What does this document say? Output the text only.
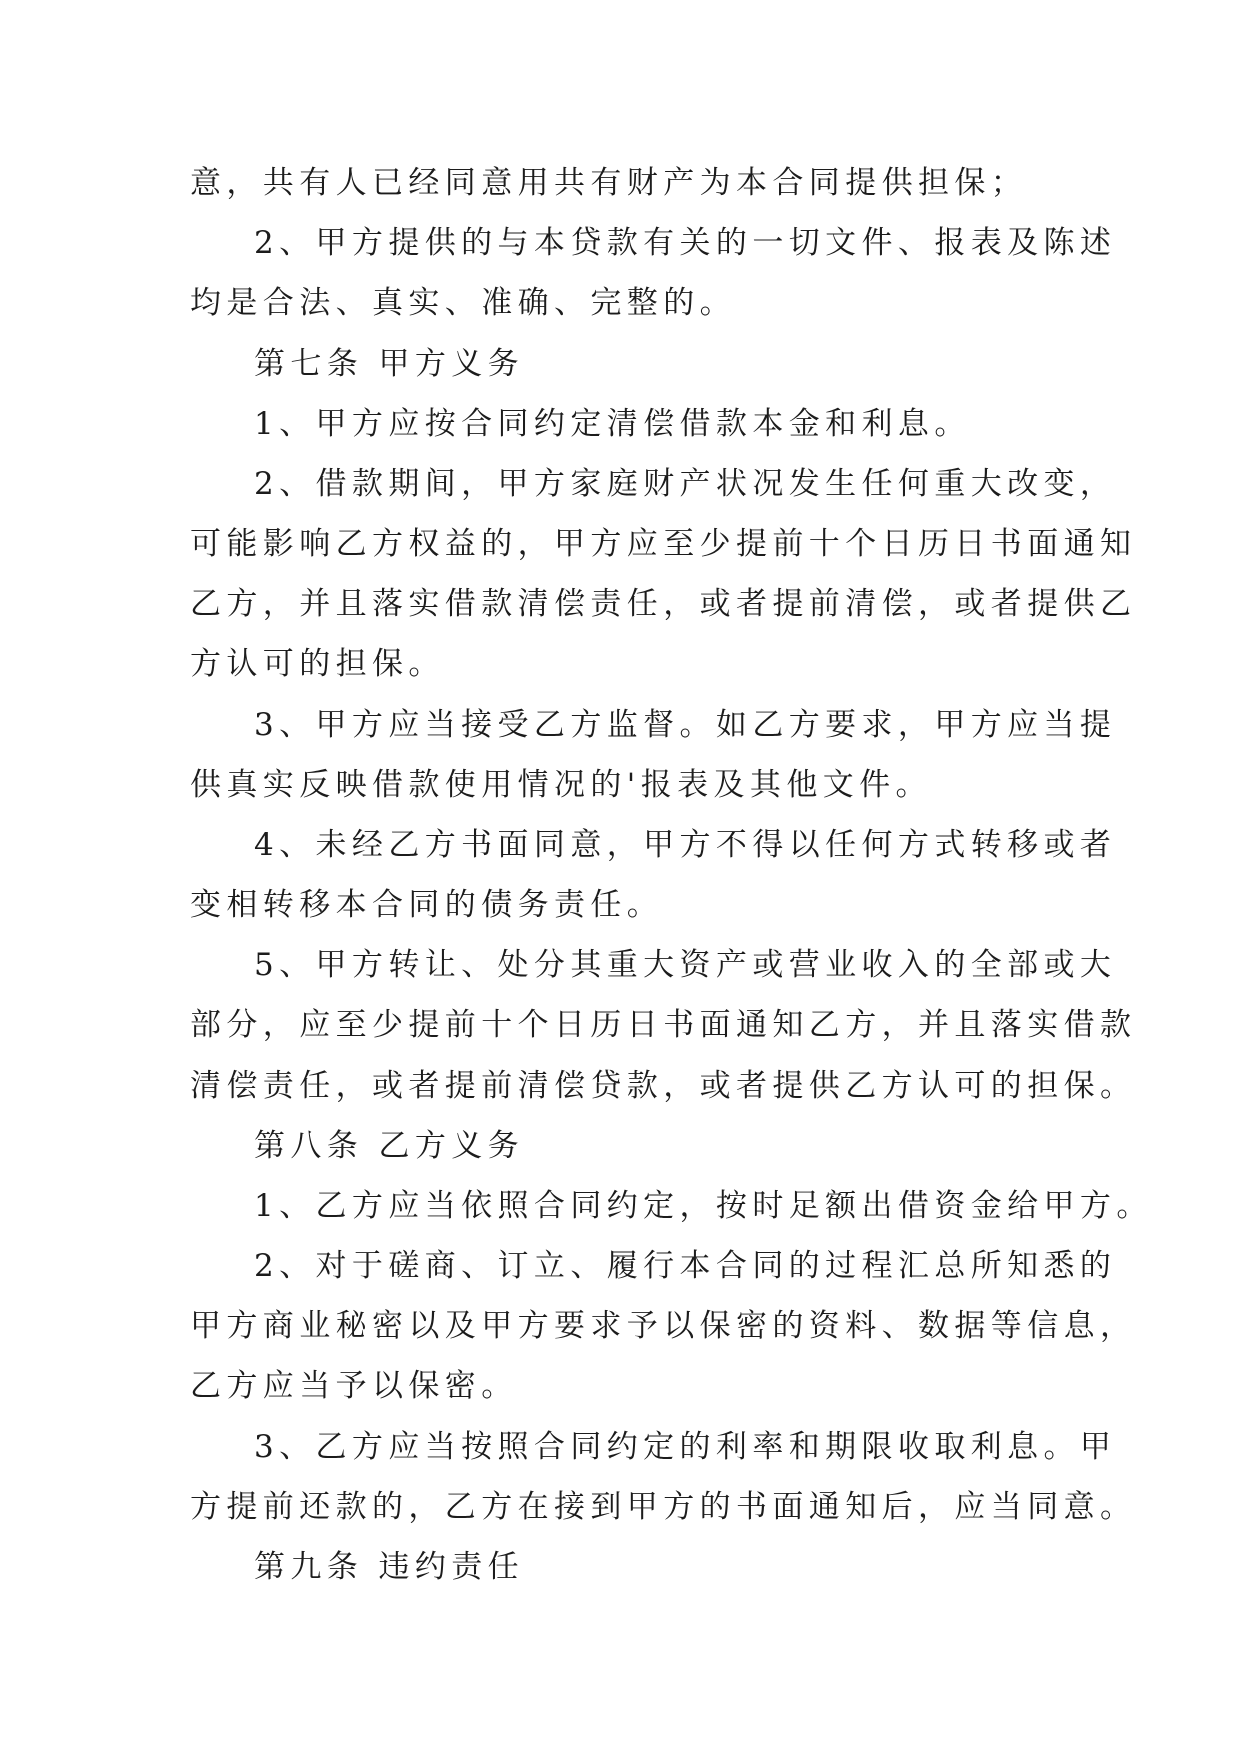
意，共有人已经同意用共有财产为本合同提供担保；
2、甲方提供的与本贷款有关的一切文件、报表及陈述
均是合法、真实、准确、完整的。
第七条 甲方义务
1、甲方应按合同约定清偿借款本金和利息。
2、借款期间，甲方家庭财产状况发生任何重大改变，
可能影响乙方权益的，甲方应至少提前十个日历日书面通知
乙方，并且落实借款清偿责任，或者提前清偿，或者提供乙
方认可的担保。
3、甲方应当接受乙方监督。如乙方要求，甲方应当提
供真实反映借款使用情况的'报表及其他文件。
4、未经乙方书面同意，甲方不得以任何方式转移或者
变相转移本合同的债务责任。
5、甲方转让、处分其重大资产或营业收入的全部或大
部分，应至少提前十个日历日书面通知乙方，并且落实借款
清偿责任，或者提前清偿贷款，或者提供乙方认可的担保。
第八条 乙方义务
1、乙方应当依照合同约定，按时足额出借资金给甲方。
2、对于磋商、订立、履行本合同的过程汇总所知悉的
甲方商业秘密以及甲方要求予以保密的资料、数据等信息，
乙方应当予以保密。
3、乙方应当按照合同约定的利率和期限收取利息。甲
方提前还款的，乙方在接到甲方的书面通知后，应当同意。
第九条 违约责任
